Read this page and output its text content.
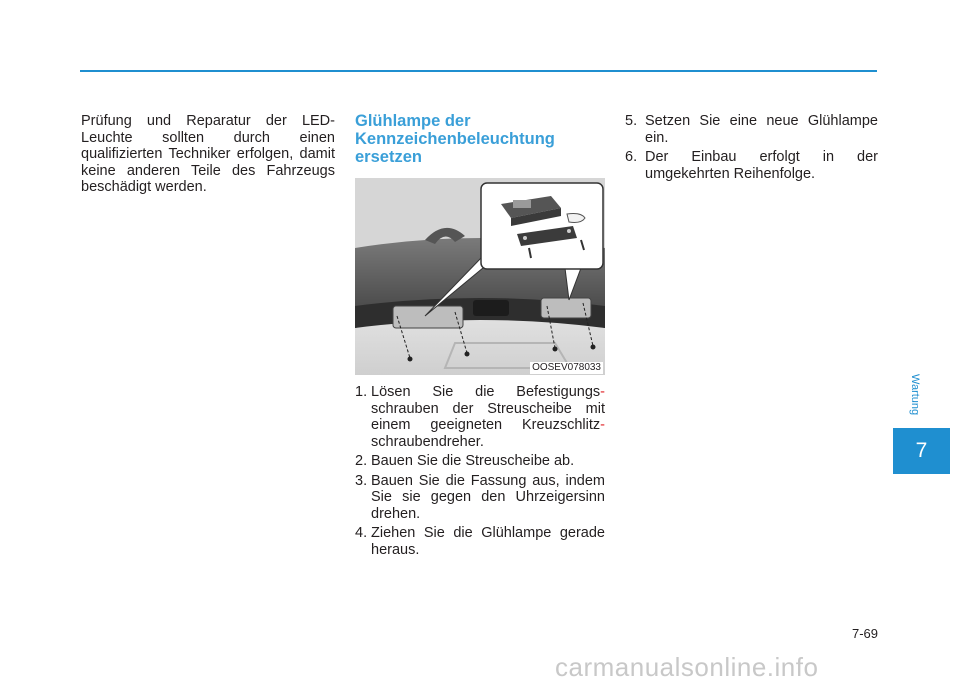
Prüfung und Reparatur der LED-Leuchte sollten durch einen qualifizierten Techniker erfolgen, damit keine anderen Teile des Fahrzeugs beschädigt werden.

Glühlampe der
Kennzeichenbeleuchtung
ersetzen
OOSEV078033
1. Lösen Sie die Befestigungs- schrauben der Streuscheibe mit einem geeigneten Kreuzschlitz- schraubendreher.
2. Bauen Sie die Streuscheibe ab.
3. Bauen Sie die Fassung aus, indem Sie sie gegen den Uhrzeigersinn drehen.
4. Ziehen Sie die Glühlampe gerade heraus.
5. Setzen Sie eine neue Glühlampe ein.
6. Der Einbau erfolgt in der umgekehrten Reihenfolge.
Wartung
7
7-69
carmanualsonline.info
